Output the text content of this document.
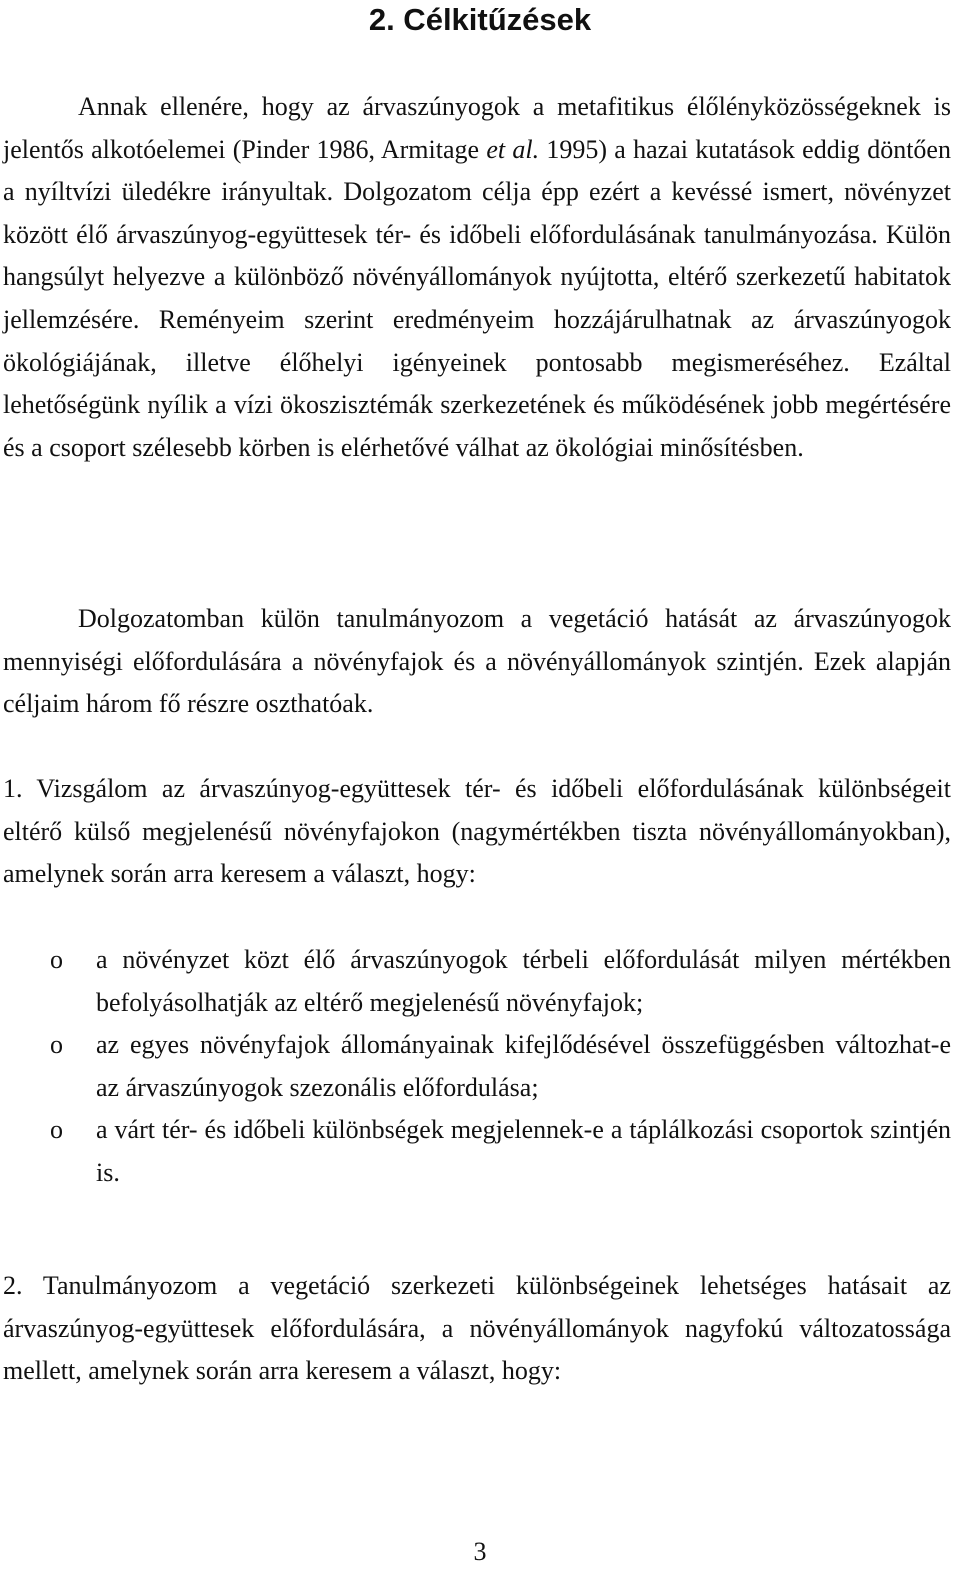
2. Célkitűzések

Annak ellenére, hogy az árvaszúnyogok a metafitikus élőlényközösségeknek is jelentős alkotóelemei (Pinder 1986, Armitage et al. 1995) a hazai kutatások eddig döntően a nyíltvízi üledékre irányultak. Dolgozatom célja épp ezért a kevéssé ismert, növényzet között élő árvaszúnyog-együttesek tér- és időbeli előfordulásának tanulmányozása. Külön hangsúlyt helyezve a különböző növényállományok nyújtotta, eltérő szerkezetű habitatok jellemzésére. Reményeim szerint eredményeim hozzájárulhatnak az árvaszúnyogok ökológiájának, illetve élőhelyi igényeinek pontosabb megismeréséhez. Ezáltal lehetőségünk nyílik a vízi ökoszisztémák szerkezetének és működésének jobb megértésére és a csoport szélesebb körben is elérhetővé válhat az ökológiai minősítésben.

Dolgozatomban külön tanulmányozom a vegetáció hatását az árvaszúnyogok mennyiségi előfordulására a növényfajok és a növényállományok szintjén. Ezek alapján céljaim három fő részre oszthatóak.

1. Vizsgálom az árvaszúnyog-együttesek tér- és időbeli előfordulásának különbségeit eltérő külső megjelenésű növényfajokon (nagymértékben tiszta növényállományokban), amelynek során arra keresem a választ, hogy:

o a növényzet közt élő árvaszúnyogok térbeli előfordulását milyen mértékben befolyásolhatják az eltérő megjelenésű növényfajok;
o az egyes növényfajok állományainak kifejlődésével összefüggésben változhat-e az árvaszúnyogok szezonális előfordulása;
o a várt tér- és időbeli különbségek megjelennek-e a táplálkozási csoportok szintjén is.

2. Tanulmányozom a vegetáció szerkezeti különbségeinek lehetséges hatásait az árvaszúnyog-együttesek előfordulására, a növényállományok nagyfokú változatossága mellett, amelynek során arra keresem a választ, hogy:

3
